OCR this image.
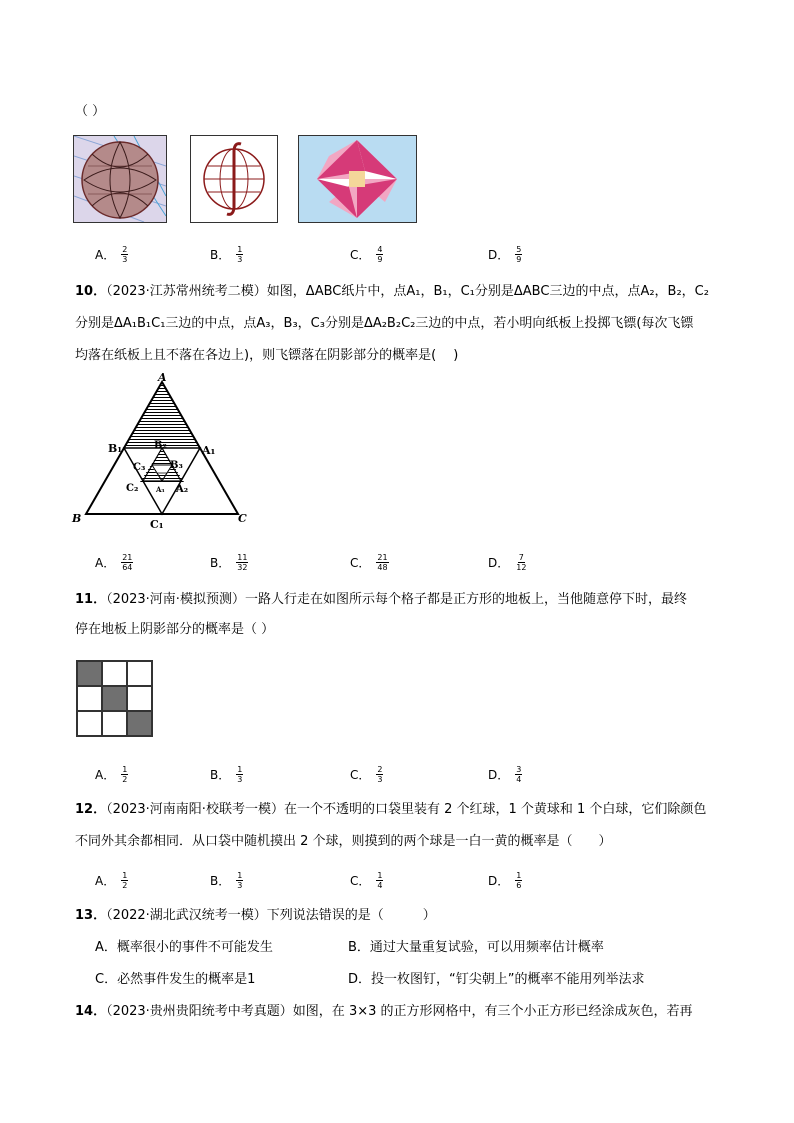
（ ）
A． $\frac{2}{3}$	B． $\frac{1}{3}$	C． $\frac{4}{9}$	D． $\frac{5}{9}$
10．（2023·江苏常州统考二模）如图，ΔABC纸片中，点A₁，B₁，C₁分别是ΔABC三边的中点，点A₂，B₂，C₂
分别是ΔA₁B₁C₁三边的中点，点A₃，B₃，C₃分别是ΔA₂B₂C₂三边的中点，若小明向纸板上投掷飞镖(每次飞镖
均落在纸板上且不落在各边上)，则飞镖落在阴影部分的概率是(　 )
A
B	C
B₁	A₁
C₁
B₂
C₂	A₂
C₃ B₃
A₃
A． $\frac{21}{64}$	B． $\frac{11}{32}$	C． $\frac{21}{48}$	D． $\frac{7}{12}$
11．（2023·河南·模拟预测）一路人行走在如图所示每个格子都是正方形的地板上，当他随意停下时，最终
停在地板上阴影部分的概率是（ ）
A． $\frac{1}{2}$	B． $\frac{1}{3}$	C． $\frac{2}{3}$	D． $\frac{3}{4}$
12．（2023·河南南阳·校联考一模）在一个不透明的口袋里装有 2 个红球，1 个黄球和 1 个白球，它们除颜色
不同外其余都相同．从口袋中随机摸出 2 个球，则摸到的两个球是一白一黄的概率是（　　）
A． $\frac{1}{2}$	B． $\frac{1}{3}$	C． $\frac{1}{4}$	D． $\frac{1}{6}$
13．（2022·湖北武汉统考一模）下列说法错误的是（　　　）
A．概率很小的事件不可能发生	B．通过大量重复试验，可以用频率估计概率
C．必然事件发生的概率是1	D．投一枚图钉，“钉尖朝上”的概率不能用列举法求
14．（2023·贵州贵阳统考中考真题）如图，在 3×3 的正方形网格中，有三个小正方形已经涂成灰色，若再
